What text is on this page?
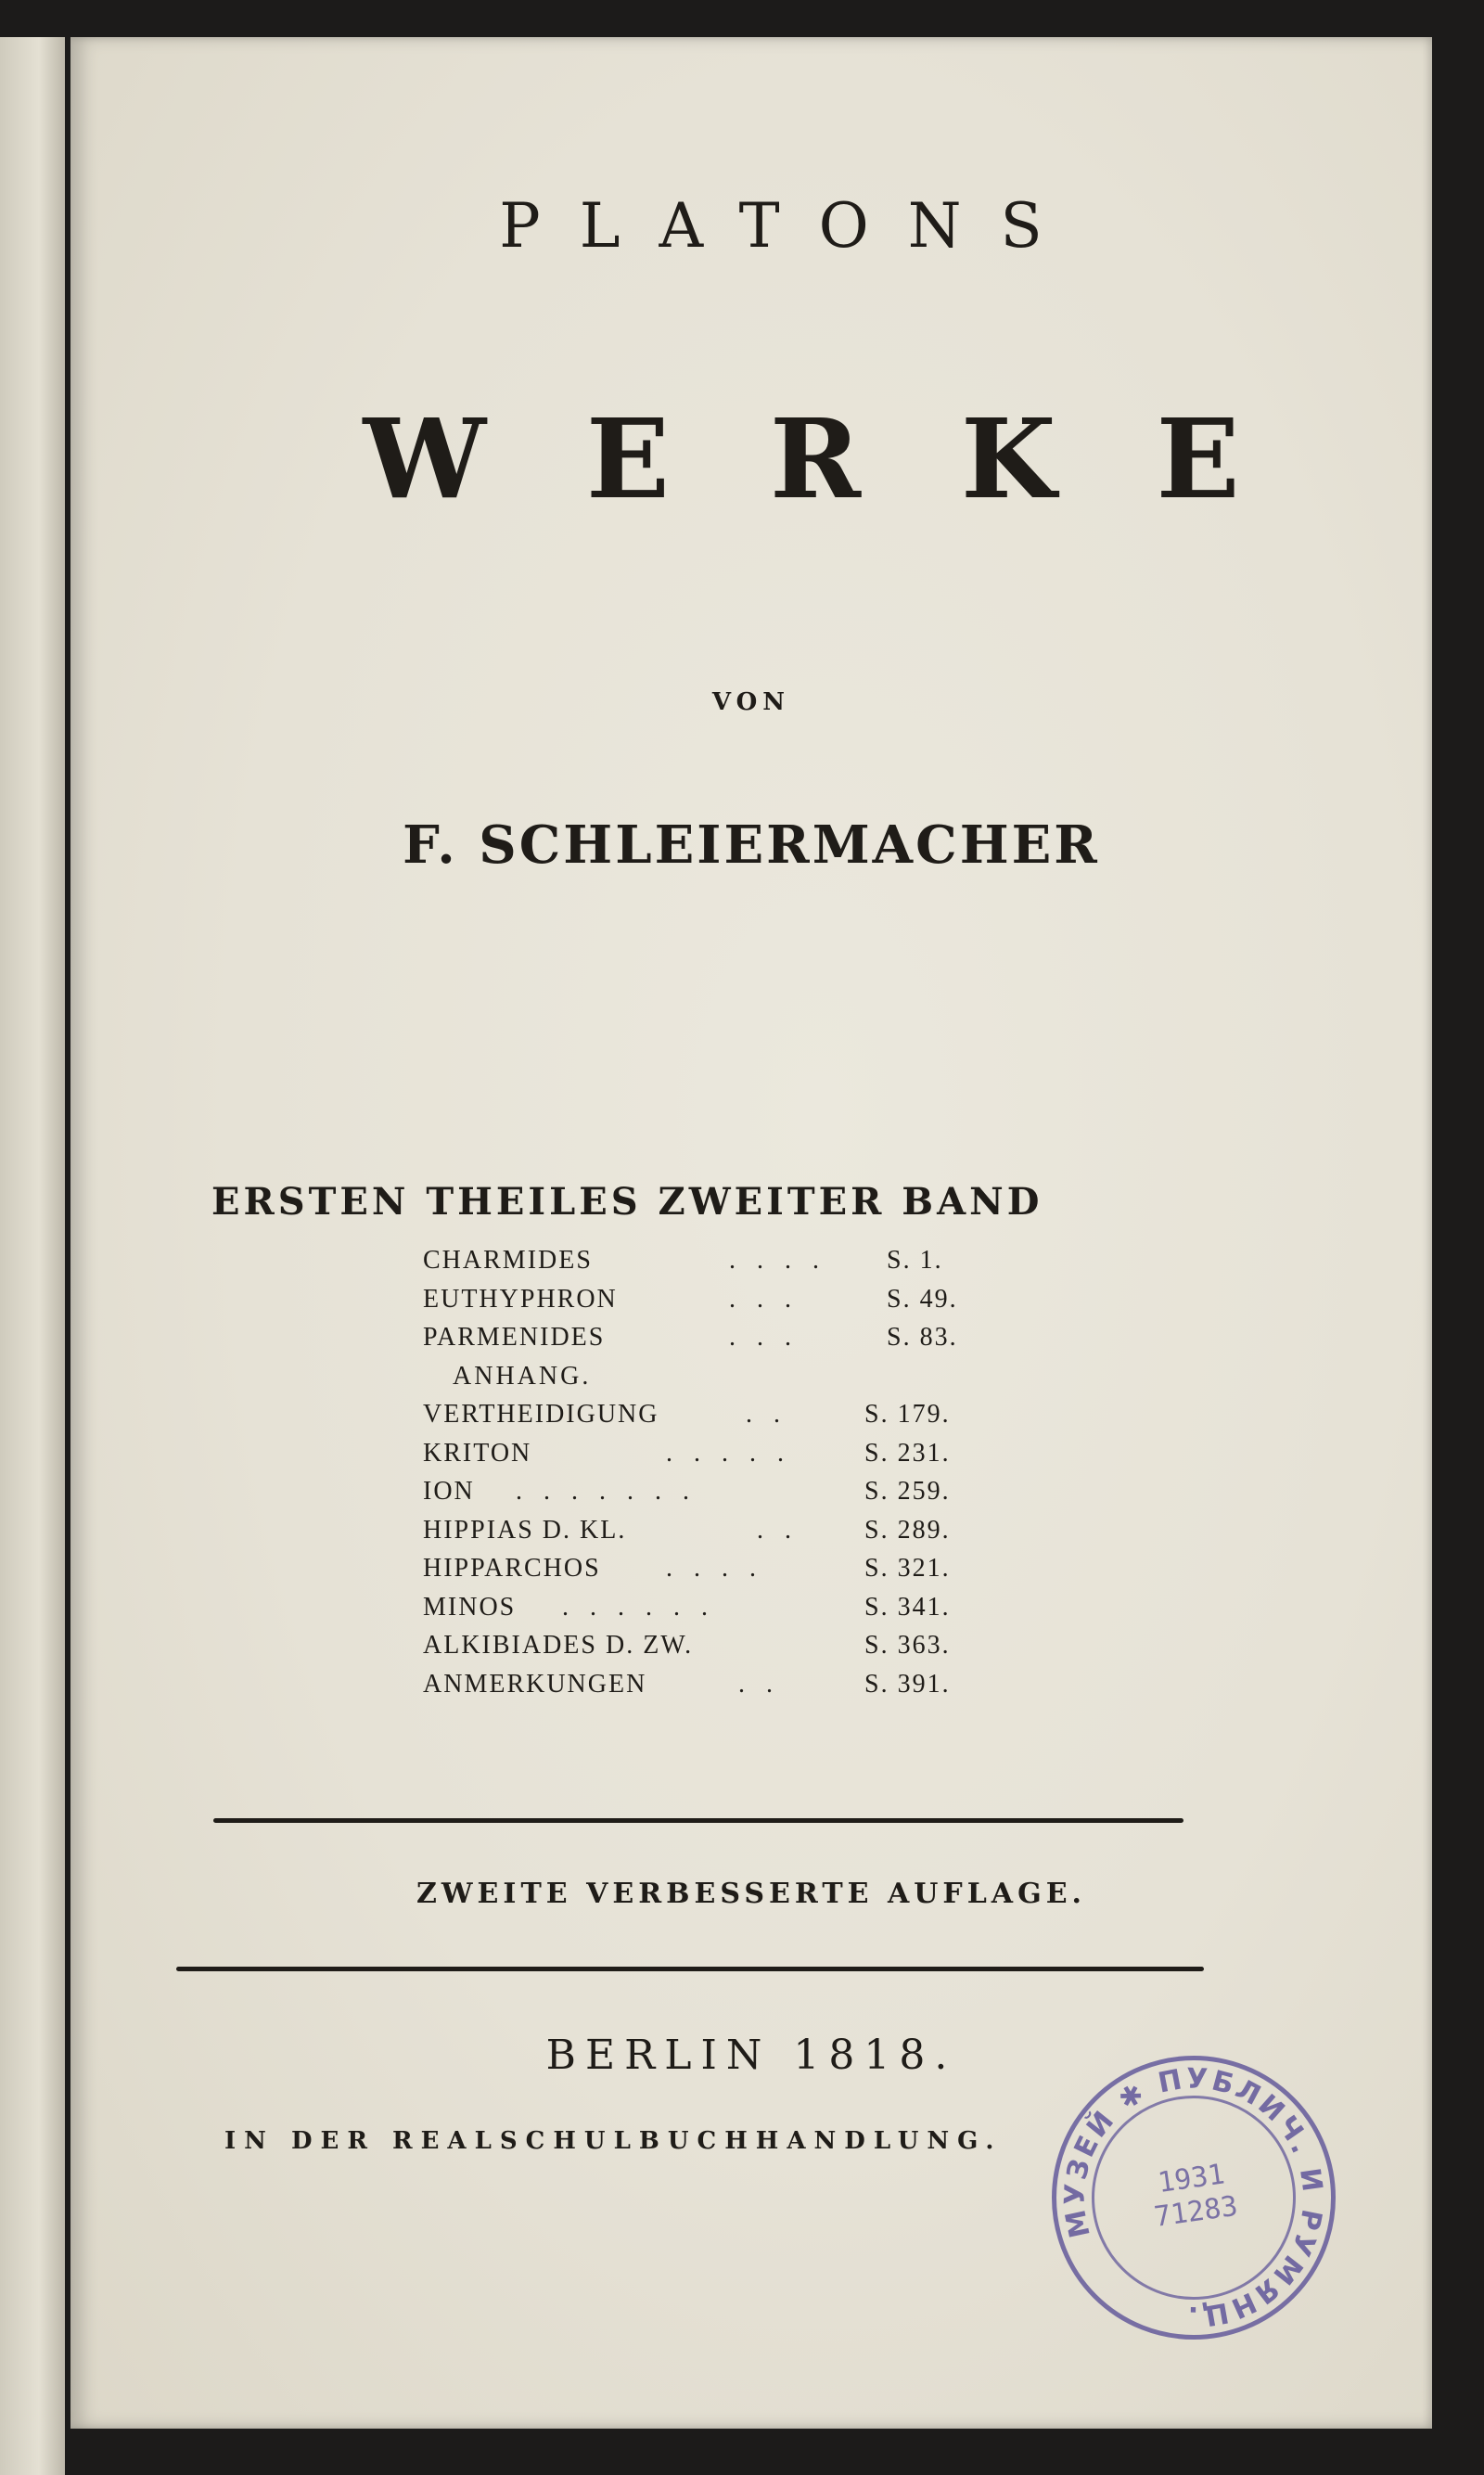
PLATONS

WERKE

VON

F. SCHLEIERMACHER

ERSTEN THEILES ZWEITER BAND

CHARMIDES	. . . . S. 1.
EUTHYPHRON	. . .	S. 49.
PARMENIDES	. . .	S. 83.
ANHANG.
VERTHEIDIGUNG	. .	S. 179.
KRITON	. . . . .	S. 231.
ION . . . . . . .	S. 259.
HIPPIAS D. KL.	. .	S. 289.
HIPPARCHOS	. . . .	S. 321.
MINOS . . . . . .	S. 341.
ALKIBIADES D. ZW.	S. 363.
ANMERKUNGEN	. .	S. 391.

ZWEITE VERBESSERTE AUFLAGE.

BERLIN 1818.

IN DER REALSCHULBUCHHANDLUNG.

МУЗЕЙ ✱ ПУБЛИЧ. И РУМЯНЦ.
1931
71283
